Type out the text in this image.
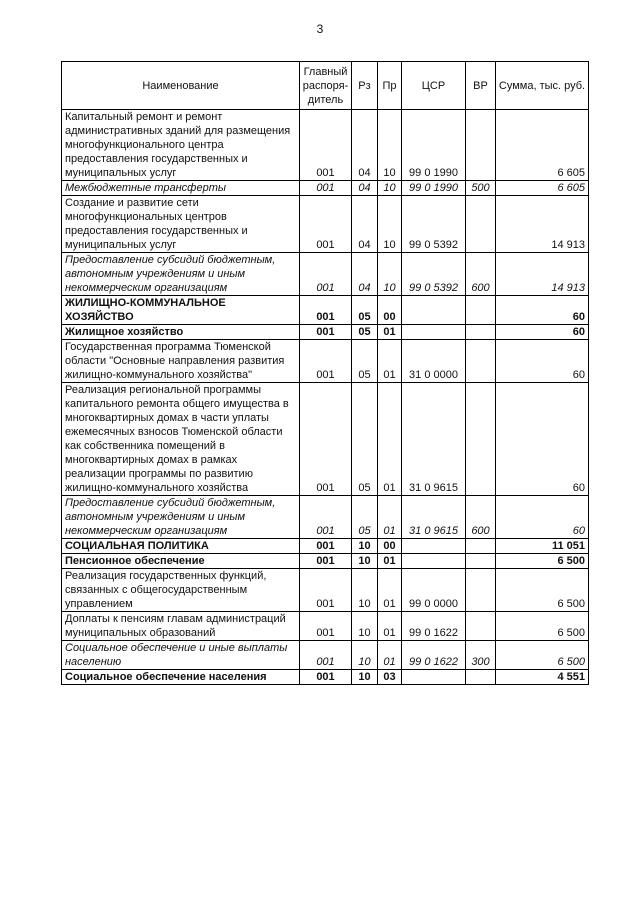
3
Наименование	Главный распоря-дитель	Рз	Пр	ЦСР	ВР	Сумма, тыс. руб.
Капитальный ремонт и ремонт административных зданий для размещения многофункционального центра предоставления государственных и муниципальных услуг	001	04	10	99 0 1990		6 605
Межбюджетные трансферты	001	04	10	99 0 1990	500	6 605
Создание и развитие сети многофункциональных центров предоставления государственных и муниципальных услуг	001	04	10	99 0 5392		14 913
Предоставление субсидий бюджетным, автономным учреждениям и иным некоммерческим организациям	001	04	10	99 0 5392	600	14 913
ЖИЛИЩНО-КОММУНАЛЬНОЕ ХОЗЯЙСТВО	001	05	00			60
Жилищное хозяйство	001	05	01			60
Государственная программа Тюменской области "Основные направления развития жилищно-коммунального хозяйства"	001	05	01	31 0 0000		60
Реализация региональной программы капитального ремонта общего имущества в многоквартирных домах в части уплаты ежемесячных взносов Тюменской области как собственника помещений в многоквартирных домах в рамках реализации программы по развитию жилищно-коммунального хозяйства	001	05	01	31 0 9615		60
Предоставление субсидий бюджетным, автономным учреждениям и иным некоммерческим организациям	001	05	01	31 0 9615	600	60
СОЦИАЛЬНАЯ ПОЛИТИКА	001	10	00			11 051
Пенсионное обеспечение	001	10	01			6 500
Реализация государственных функций, связанных с общегосударственным управлением	001	10	01	99 0 0000		6 500
Доплаты к пенсиям главам администраций муниципальных образований	001	10	01	99 0 1622		6 500
Социальное обеспечение и иные выплаты населению	001	10	01	99 0 1622	300	6 500
Социальное обеспечение населения	001	10	03			4 551
